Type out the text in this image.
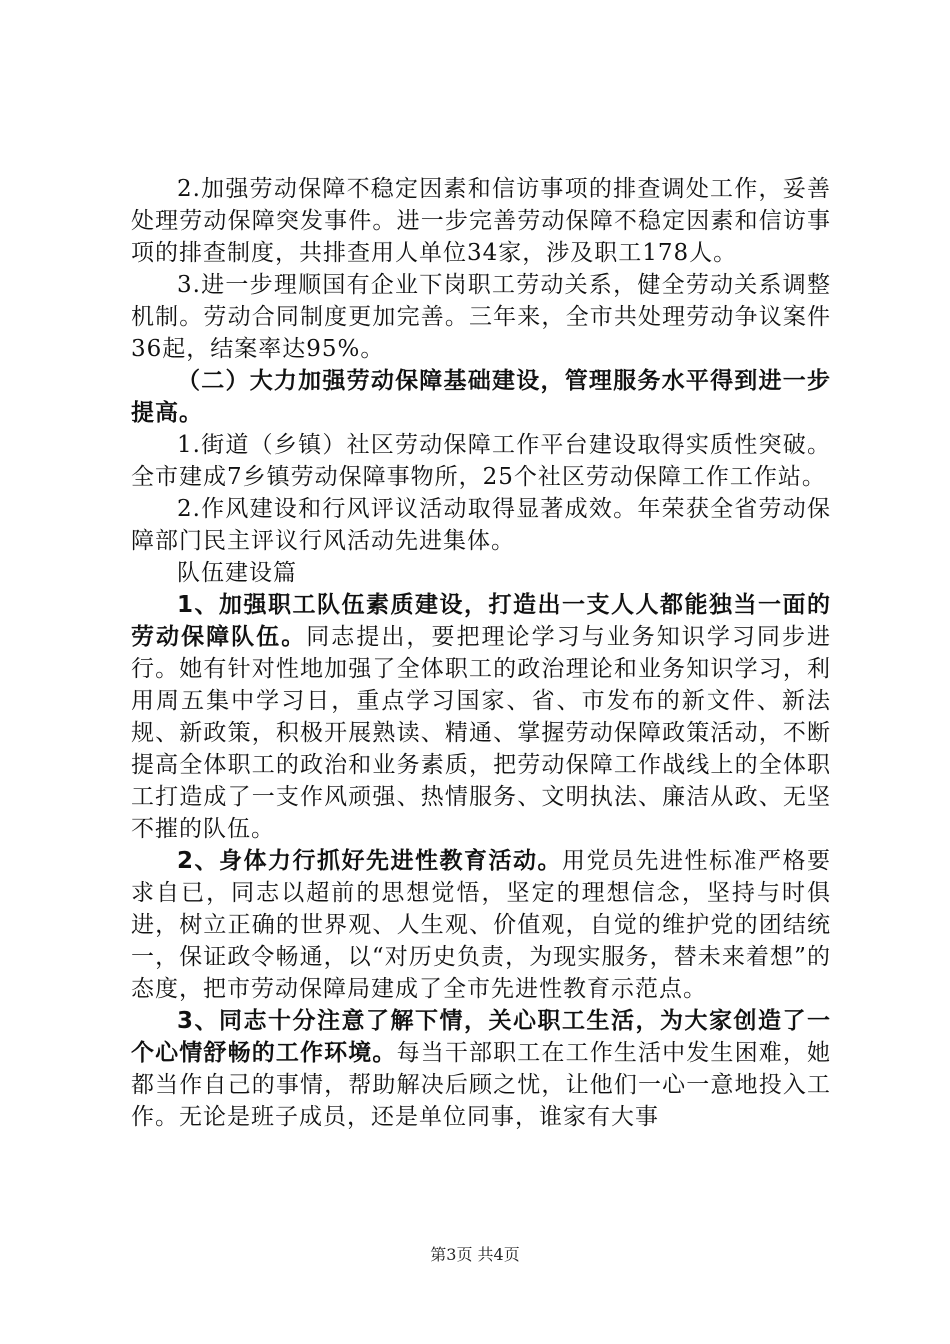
2.加强劳动保障不稳定因素和信访事项的排查调处工作，妥善处理劳动保障突发事件。进一步完善劳动保障不稳定因素和信访事项的排查制度，共排查用人单位34家，涉及职工178人。

3.进一步理顺国有企业下岗职工劳动关系，健全劳动关系调整机制。劳动合同制度更加完善。三年来，全市共处理劳动争议案件36起，结案率达95%。

（二）大力加强劳动保障基础建设，管理服务水平得到进一步提高。

1.街道（乡镇）社区劳动保障工作平台建设取得实质性突破。全市建成7乡镇劳动保障事物所，25个社区劳动保障工作工作站。

2.作风建设和行风评议活动取得显著成效。年荣获全省劳动保障部门民主评议行风活动先进集体。

队伍建设篇

1、加强职工队伍素质建设，打造出一支人人都能独当一面的劳动保障队伍。同志提出，要把理论学习与业务知识学习同步进行。她有针对性地加强了全体职工的政治理论和业务知识学习，利用周五集中学习日，重点学习国家、省、市发布的新文件、新法规、新政策，积极开展熟读、精通、掌握劳动保障政策活动，不断提高全体职工的政治和业务素质，把劳动保障工作战线上的全体职工打造成了一支作风顽强、热情服务、文明执法、廉洁从政、无坚不摧的队伍。

2、身体力行抓好先进性教育活动。用党员先进性标准严格要求自已，同志以超前的思想觉悟，坚定的理想信念，坚持与时俱进，树立正确的世界观、人生观、价值观，自觉的维护党的团结统一，保证政令畅通，以“对历史负责，为现实服务，替未来着想”的态度，把市劳动保障局建成了全市先进性教育示范点。

3、同志十分注意了解下情，关心职工生活，为大家创造了一个心情舒畅的工作环境。每当干部职工在工作生活中发生困难，她都当作自己的事情，帮助解决后顾之忧，让他们一心一意地投入工作。无论是班子成员，还是单位同事，谁家有大事

第3页 共4页
